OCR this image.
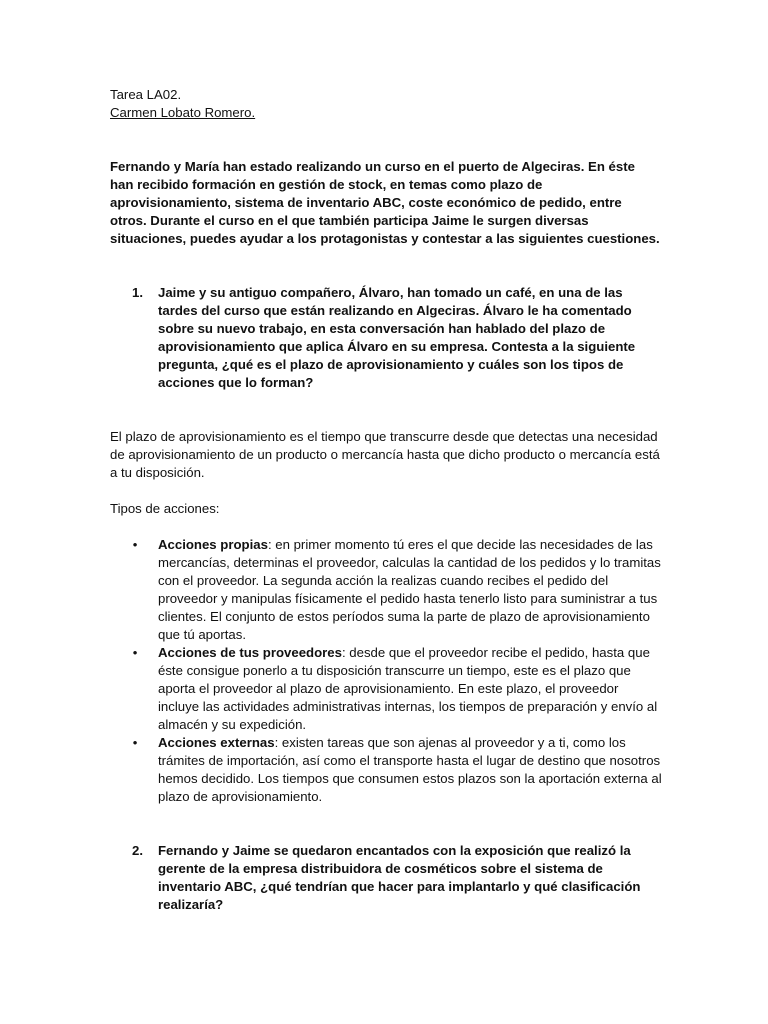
Tarea LA02.

Carmen Lobato Romero.

Fernando y María han estado realizando un curso en el puerto de Algeciras. En éste han recibido formación en gestión de stock, en temas como plazo de aprovisionamiento, sistema de inventario ABC, coste económico de pedido, entre otros. Durante el curso en el que también participa Jaime le surgen diversas situaciones, puedes ayudar a los protagonistas y contestar a las siguientes cuestiones.

1.	Jaime y su antiguo compañero, Álvaro, han tomado un café, en una de las tardes del curso que están realizando en Algeciras. Álvaro le ha comentado sobre su nuevo trabajo, en esta conversación han hablado del plazo de aprovisionamiento que aplica Álvaro en su empresa. Contesta a la siguiente pregunta, ¿qué es el plazo de aprovisionamiento y cuáles son los tipos de acciones que lo forman?

El plazo de aprovisionamiento es el tiempo que transcurre desde que detectas una necesidad de aprovisionamiento de un producto o mercancía hasta que dicho producto o mercancía está a tu disposición.

Tipos de acciones:

•	Acciones propias: en primer momento tú eres el que decide las necesidades de las mercancías, determinas el proveedor, calculas la cantidad de los pedidos y lo tramitas con el proveedor. La segunda acción la realizas cuando recibes el pedido del proveedor y manipulas físicamente el pedido hasta tenerlo listo para suministrar a tus clientes. El conjunto de estos períodos suma la parte de plazo de aprovisionamiento que tú aportas.
•	Acciones de tus proveedores: desde que el proveedor recibe el pedido, hasta que éste consigue ponerlo a tu disposición transcurre un tiempo, este es el plazo que aporta el proveedor al plazo de aprovisionamiento. En este plazo, el proveedor incluye las actividades administrativas internas, los tiempos de preparación y envío al almacén y su expedición.
•	Acciones externas: existen tareas que son ajenas al proveedor y a ti, como los trámites de importación, así como el transporte hasta el lugar de destino que nosotros hemos decidido. Los tiempos que consumen estos plazos son la aportación externa al plazo de aprovisionamiento.
2.	Fernando y Jaime se quedaron encantados con la exposición que realizó la gerente de la empresa distribuidora de cosméticos sobre el sistema de inventario ABC, ¿qué tendrían que hacer para implantarlo y qué clasificación realizaría?
